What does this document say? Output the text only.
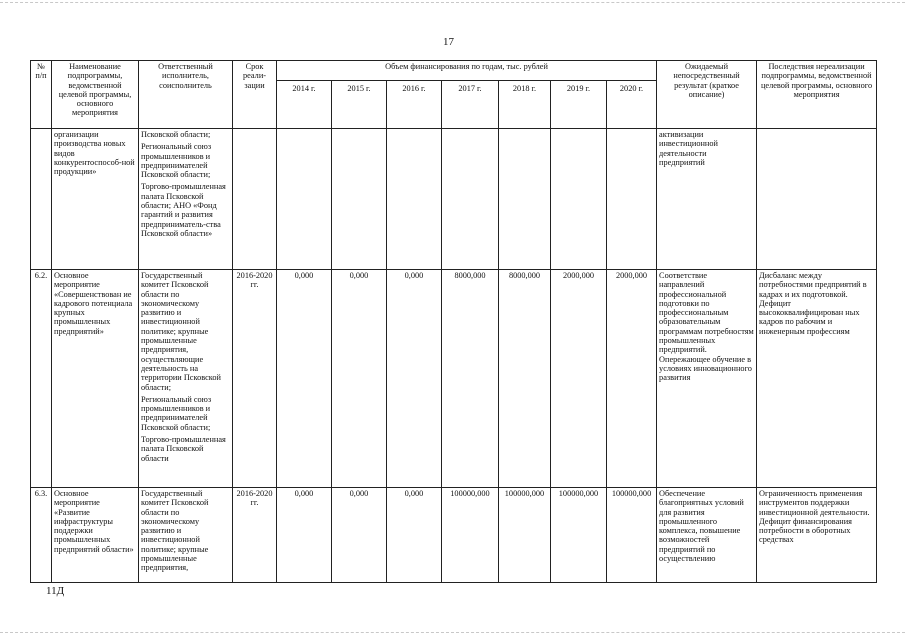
17
№ п/п	Наименование подпрограммы, ведомственной целевой программы, основного мероприятия	Ответственный исполнитель, соисполнитель	Срок реали-зации	Объем финансирования по годам, тыс. рублей							Ожидаемый непосредственный результат (краткое описание)	Последствия нереализации подпрограммы, ведомственной целевой программы, основного мероприятия

				2014 г.	2015 г.	2016 г.	2017 г.	2018 г.	2019 г.	2020 г.		

	организации производства новых видов конкурентоспособ-ной продукции»	Псковской области;
Региональный союз промышленников и предпринимателей Псковской области;
Торгово-промышленная палата Псковской области; АНО «Фонд гарантий и развития предприниматель-ства Псковской области»									активизации инвестиционной деятельности предприятий	
6.2.	Основное мероприятие «Совершенствован ие кадрового потенциала крупных промышленных предприятий»	Государственный комитет Псковской области по экономическому развитию и инвестиционной политике; крупные промышленные предприятия, осуществляющие деятельность на территории Псковской области;
Региональный союз промышленников и предпринимателей Псковской области;
Торгово-промышленная палата Псковской области	2016-2020 гг.	0,000	0,000	0,000	8000,000	8000,000	2000,000	2000,000	Соответствие направлений профессиональной подготовки по профессиональным образовательным программам потребностям промышленных предприятий. Опережающее обучение в условиях инновационного развития	Дисбаланс между потребностями предприятий в кадрах и их подготовкой. Дефицит высококвалифицирован ных кадров по рабочим и инженерным профессиям
6.3.	Основное мероприятие «Развитие инфраструктуры поддержки промышленных предприятий области»	Государственный комитет Псковской области по экономическому развитию и инвестиционной политике; крупные промышленные предприятия,	2016-2020 гг.	0,000	0,000	0,000	100000,000	100000,000	100000,000	100000,000	Обеспечение благоприятных условий для развития промышленного комплекса, повышение возможностей предприятий по осуществлению	Ограниченность применения инструментов поддержки инвестиционной деятельности. Дефицит финансирования потребности в оборотных средствах
11Д
